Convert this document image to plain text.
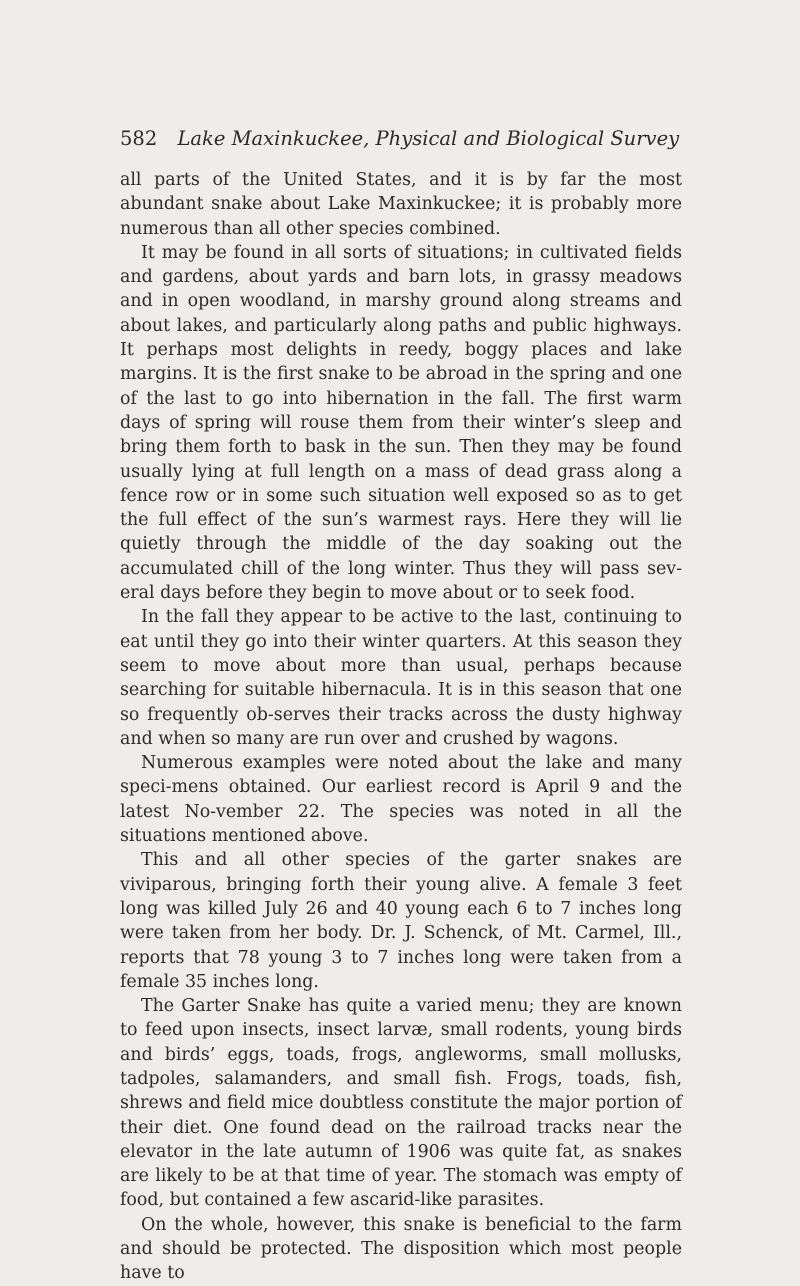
582 Lake Maxinkuckee, Physical and Biological Survey

all parts of the United States, and it is by far the most abundant snake about Lake Maxinkuckee; it is probably more numerous than all other species combined.

It may be found in all sorts of situations; in cultivated fields and gardens, about yards and barn lots, in grassy meadows and in open woodland, in marshy ground along streams and about lakes, and particularly along paths and public highways. It perhaps most delights in reedy, boggy places and lake margins. It is the first snake to be abroad in the spring and one of the last to go into hibernation in the fall. The first warm days of spring will rouse them from their winter’s sleep and bring them forth to bask in the sun. Then they may be found usually lying at full length on a mass of dead grass along a fence row or in some such situation well exposed so as to get the full effect of the sun’s warmest rays. Here they will lie quietly through the middle of the day soaking out the accumulated chill of the long winter. Thus they will pass sev-eral days before they begin to move about or to seek food.

In the fall they appear to be active to the last, continuing to eat until they go into their winter quarters. At this season they seem to move about more than usual, perhaps because searching for suitable hibernacula. It is in this season that one so frequently ob-serves their tracks across the dusty highway and when so many are run over and crushed by wagons.

Numerous examples were noted about the lake and many speci-mens obtained. Our earliest record is April 9 and the latest No-vember 22. The species was noted in all the situations mentioned above.

This and all other species of the garter snakes are viviparous, bringing forth their young alive. A female 3 feet long was killed July 26 and 40 young each 6 to 7 inches long were taken from her body. Dr. J. Schenck, of Mt. Carmel, Ill., reports that 78 young 3 to 7 inches long were taken from a female 35 inches long.

The Garter Snake has quite a varied menu; they are known to feed upon insects, insect larvæ, small rodents, young birds and birds’ eggs, toads, frogs, angleworms, small mollusks, tadpoles, salamanders, and small fish. Frogs, toads, fish, shrews and field mice doubtless constitute the major portion of their diet. One found dead on the railroad tracks near the elevator in the late autumn of 1906 was quite fat, as snakes are likely to be at that time of year. The stomach was empty of food, but contained a few ascarid-like parasites.

On the whole, however, this snake is beneficial to the farm and should be protected. The disposition which most people have to
